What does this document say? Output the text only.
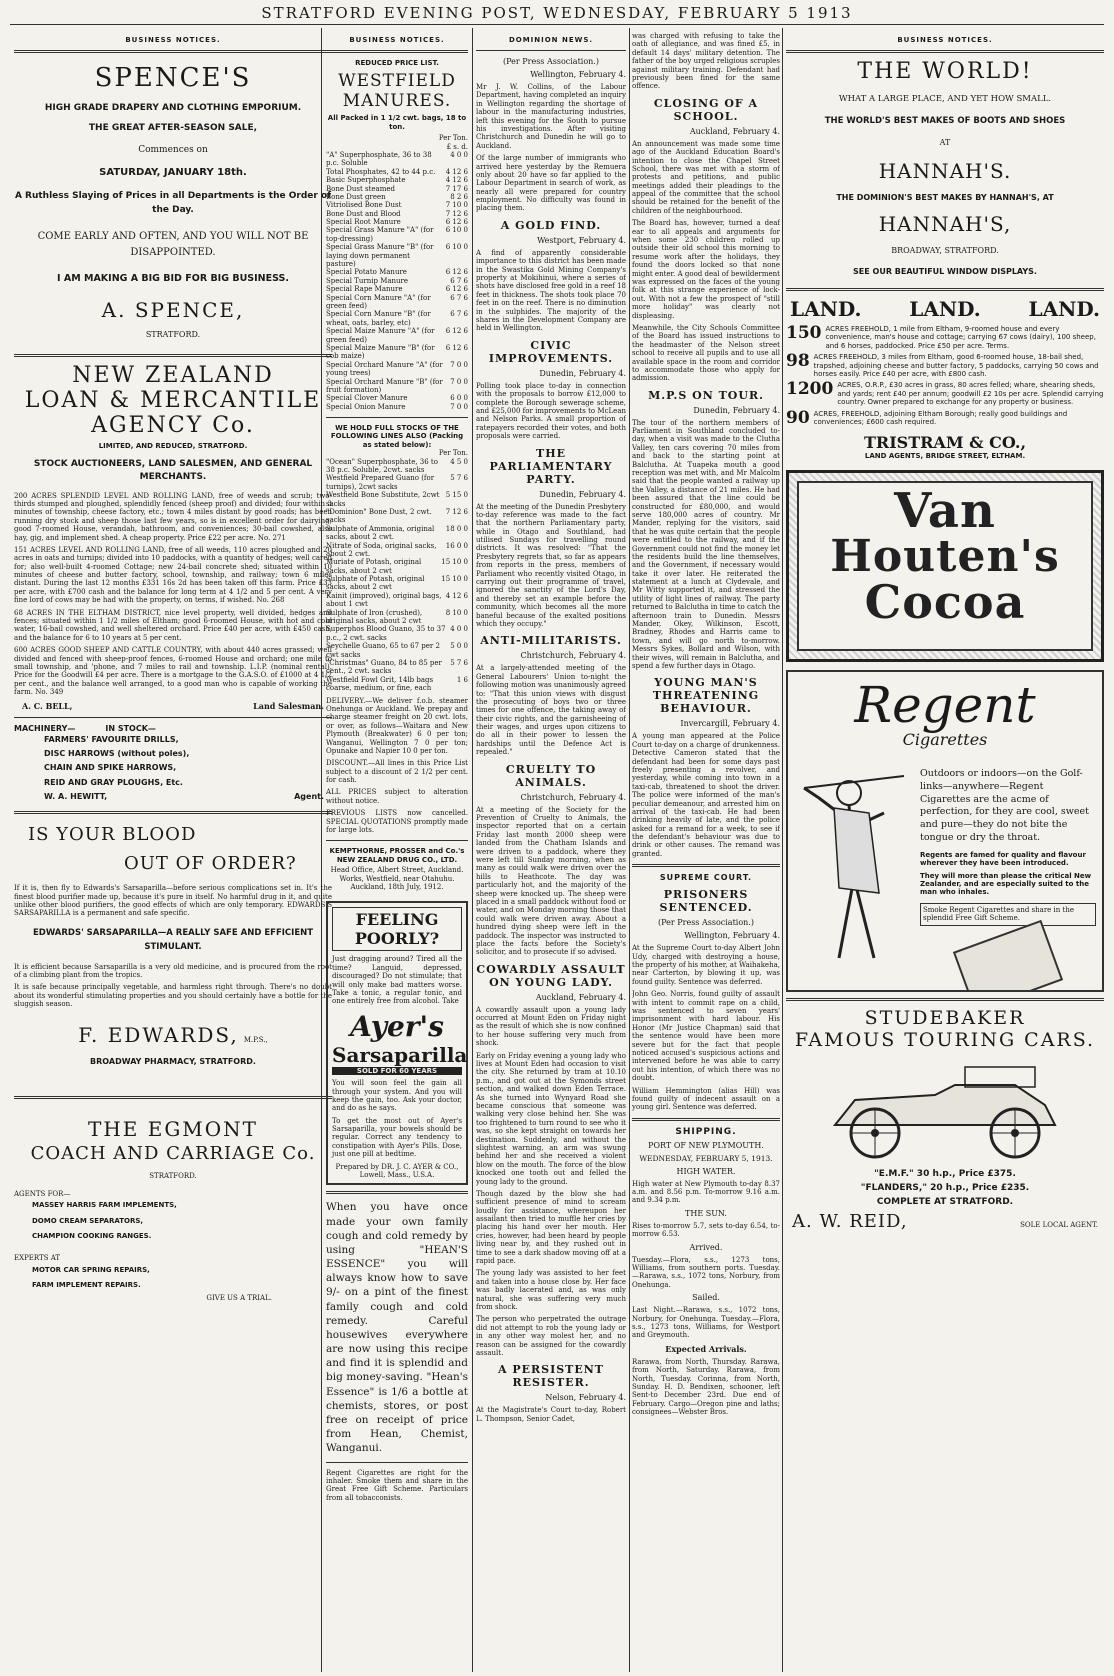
STRATFORD EVENING POST, WEDNESDAY, FEBRUARY 5 1913
BUSINESS NOTICES.
SPENCE'S
HIGH GRADE DRAPERY AND CLOTHING EMPORIUM.
THE GREAT AFTER-SEASON SALE,
Commences on
SATURDAY, JANUARY 18th.
A Ruthless Slaying of Prices in all Departments is the Order of the Day.
COME EARLY AND OFTEN, AND YOU WILL NOT BE DISAPPOINTED.
I AM MAKING A BIG BID FOR BIG BUSINESS.
A. SPENCE,
STRATFORD.
NEW ZEALAND
LOAN & MERCANTILE
AGENCY Co.
LIMITED, AND REDUCED, STRATFORD.
STOCK AUCTIONEERS, LAND SALESMEN, AND GENERAL MERCHANTS.
200 ACRES SPLENDID LEVEL AND ROLLING LAND, free of weeds and scrub; two-thirds stumped and ploughed, splendidly fenced (sheep proof) and divided; four within 3 minutes of township, cheese factory, etc.; town 4 miles distant by good roads; has been running dry stock and sheep those last few years, so is in excellent order for dairying; good 7-roomed House, verandah, bathroom, and conveniences; 30-bail cowshed, also hay, gig, and implement shed. A cheap property. Price £22 per acre. No. 271
151 ACRES LEVEL AND ROLLING LAND, free of all weeds, 110 acres ploughed and 20 acres in oats and turnips; divided into 10 paddocks, with a quantity of hedges; well cared for; also well-built 4-roomed Cottage; new 24-bail concrete shed; situated within 10 minutes of cheese and butter factory, school, township, and railway; town 6 miles distant. During the last 12 months £331 16s 2d has been taken off this farm. Price £33 per acre, with £700 cash and the balance for long term at 4 1/2 and 5 per cent. A very fine lord of cows may be had with the property, on terms, if wished. No. 268
68 ACRES IN THE ELTHAM DISTRICT, nice level property, well divided, hedges and fences; situated within 1 1/2 miles of Eltham; good 6-roomed House, with hot and cold water, 16-bail cowshed, and well sheltered orchard. Price £40 per acre, with £450 cash, and the balance for 6 to 10 years at 5 per cent.
600 ACRES GOOD SHEEP AND CATTLE COUNTRY, with about 440 acres grassed; well divided and fenced with sheep-proof fences, 6-roomed House and orchard; one mile to small township, and 'phone, and 7 miles to rail and township. L.I.P. (nominal rental). Price for the Goodwill £4 per acre. There is a mortgage to the G.A.S.O. of £1000 at 4 1/2 per cent., and the balance well arranged, to a good man who is capable of working the farm. No. 349
A. C. BELL,	Land Salesman.
MACHINERY—	IN STOCK—
FARMERS' FAVOURITE DRILLS,
DISC HARROWS (without poles),
CHAIN AND SPIKE HARROWS,
REID AND GRAY PLOUGHS, Etc.
W. A. HEWITT,	Agent.
IS YOUR BLOOD
OUT OF ORDER?
If it is, then fly to Edwards's Sarsaparilla—before serious complications set in. It's the finest blood purifier made up, because it's pure in itself. No harmful drug in it, and quite unlike other blood purifiers, the good effects of which are only temporary. EDWARDS'S SARSAPARILLA is a permanent and safe specific.
EDWARDS' SARSAPARILLA—A REALLY SAFE AND EFFICIENT STIMULANT.
It is efficient because Sarsaparilla is a very old medicine, and is procured from the root of a climbing plant from the tropics.
It is safe because principally vegetable, and harmless right through. There's no doubt about its wonderful stimulating properties and you should certainly have a bottle for the sluggish season.
F. EDWARDS, M.P.S.,
BROADWAY PHARMACY, STRATFORD.
THE EGMONT
COACH AND CARRIAGE Co.
STRATFORD.
AGENTS FOR—
MASSEY HARRIS FARM IMPLEMENTS,
DOMO CREAM SEPARATORS,
CHAMPION COOKING RANGES.
EXPERTS AT
MOTOR CAR SPRING REPAIRS,
FARM IMPLEMENT REPAIRS.
GIVE US A TRIAL.
BUSINESS NOTICES.
REDUCED PRICE LIST.
WESTFIELD
MANURES.
All Packed in 1 1/2 cwt. bags, 18 to ton.
Per Ton.
£ s. d.
"A" Superphosphate, 36 to 38 p.c. Soluble
4 0 0
Total Phosphates, 42 to 44 p.c.	4 12 6
Basic Superphosphate	4 12 6
Bone Dust steamed	7 17 6
Bone Dust green	8 2 6
Vitriolised Bone Dust	7 10 0
Bone Dust and Blood	7 12 6
Special Root Manure	6 12 6
Special Grass Manure "A" (for top-dressing)
6 10 0
Special Grass Manure "B" (for laying down permanent pasture)
6 10 0
Special Potato Manure	6 12 6
Special Turnip Manure	6 7 6
Special Rape Manure	6 12 6
Special Corn Manure "A" (for green feed)
6 7 6
Special Corn Manure "B" (for wheat, oats, barley, etc)
6 7 6
Special Maize Manure "A" (for green feed)
6 12 6
Special Maize Manure "B" (for cob maize)
6 12 6
Special Orchard Manure "A" (for young trees)
7 0 0
Special Orchard Manure "B" (for fruit formation)
7 0 0
Special Clover Manure	6 0 0
Special Onion Manure	7 0 0
WE HOLD FULL STOCKS OF THE FOLLOWING LINES ALSO (Packing as stated below):
Per Ton.
"Ocean" Superphosphate, 36 to 38 p.c. Soluble, 2cwt. sacks
4 5 0
Westfield Prepared Guano (for turnips), 2cwt sacks
5 7 6
Westfield Bone Substitute, 2cwt sacks
5 15 0
"Dominion" Bone Dust, 2 cwt. sacks
7 12 6
Sulphate of Ammonia, original sacks, about 2 cwt.
18 0 0
Nitrate of Soda, original sacks, about 2 cwt.
16 0 0
Muriate of Potash, original sacks, about 2 cwt
15 10 0
Sulphate of Potash, original sacks, about 2 cwt
15 10 0
Kainit (improved), original bags, about 1 cwt
4 12 6
Sulphate of Iron (crushed), original sacks, about 2 cwt
8 10 0
Superphos Blood Guano, 35 to 37 p.c., 2 cwt. sacks
4 0 0
Seychelle Guano, 65 to 67 per 2 cwt sacks
5 0 0
"Christmas" Guano, 84 to 85 per cent., 2 cwt. sacks
5 7 6
Westfield Fowl Grit, 14lb bags coarse, medium, or fine, each
1 6
DELIVERY.—We deliver f.o.b. steamer Onehunga or Auckland. We prepay and charge steamer freight on 20 cwt. lots, or over, as follows—Waitara and New Plymouth (Breakwater) 6 0 per ton; Wanganui, Wellington 7 0 per ton; Opunake and Napier 10 0 per ton.
DISCOUNT.—All lines in this Price List subject to a discount of 2 1/2 per cent. for cash.
ALL PRICES subject to alteration without notice.
PREVIOUS LISTS now cancelled. SPECIAL QUOTATIONS promptly made for large lots.
KEMPTHORNE, PROSSER and Co.'s NEW ZEALAND DRUG CO., LTD.
Head Office, Albert Street, Auckland. Works, Westfield, near Otahuhu. Auckland, 18th July, 1912.
FEELING POORLY?
Just dragging around? Tired all the time? Languid, depressed, discouraged? Do not stimulate; that will only make bad matters worse. Take a tonic, a regular tonic, and one entirely free from alcohol. Take
Ayer's
Sarsaparilla
SOLD FOR 60 YEARS
You will soon feel the gain all through your system. And you will keep the gain, too. Ask your doctor, and do as he says.
To get the most out of Ayer's Sarsaparilla, your bowels should be regular. Correct any tendency to constipation with Ayer's Pills. Dose, just one pill at bedtime.
Prepared by DR. J. C. AYER & CO., Lowell, Mass., U.S.A.
When you have once made your own family cough and cold remedy by using "HEAN'S ESSENCE" you will always know how to save 9/- on a pint of the finest family cough and cold remedy. Careful housewives everywhere are now using this recipe and find it is splendid and big money-saving. "Hean's Essence" is 1/6 a bottle at chemists, stores, or post free on receipt of price from Hean, Chemist, Wanganui.
Regent Cigarettes are right for the inhaler. Smoke them and share in the Great Free Gift Scheme. Particulars from all tobacconists.
DOMINION NEWS.
(Per Press Association.)
Wellington, February 4.
Mr J. W. Collins, of the Labour Department, having completed an inquiry in Wellington regarding the shortage of labour in the manufacturing industries, left this evening for the South to pursue his investigations. After visiting Christchurch and Dunedin he will go to Auckland.
Of the large number of immigrants who arrived here yesterday by the Remuera only about 20 have so far applied to the Labour Department in search of work, as nearly all were prepared for country employment. No difficulty was found in placing them.
A GOLD FIND.
Westport, February 4.
A find of apparently considerable importance to this district has been made in the Swastika Gold Mining Company's property at Mokihinui, where a series of shots have disclosed free gold in a reef 18 feet in thickness. The shots took place 70 feet in on the reef. There is no diminution in the sulphides. The majority of the shares in the Development Company are held in Wellington.
CIVIC IMPROVEMENTS.
Dunedin, February 4.
Polling took place to-day in connection with the proposals to borrow £12,000 to complete the Borough sewerage scheme, and £25,000 for improvements to McLean and Nelson Parks. A small proportion of ratepayers recorded their votes, and both proposals were carried.
THE PARLIAMENTARY PARTY.
Dunedin, February 4.
At the meeting of the Dunedin Presbytery to-day reference was made to the fact that the northern Parliamentary party, while in Otago and Southland, had utilised Sundays for travelling round districts. It was resolved: "That the Presbytery regrets that, so far as appears from reports in the press, members of Parliament who recently visited Otago, in carrying out their programme of travel, ignored the sanctity of the Lord's Day, and thereby set an example before the community, which becomes all the more baneful because of the exalted positions which they occupy."
ANTI-MILITARISTS.
Christchurch, February 4.
At a largely-attended meeting of the General Labourers' Union to-night the following motion was unanimously agreed to: "That this union views with disgust the prosecuting of boys two or three times for one offence, the taking away of their civic rights, and the garnisheeing of their wages, and urges upon citizens to do all in their power to lessen the hardships until the Defence Act is repealed."
CRUELTY TO ANIMALS.
Christchurch, February 4.
At a meeting of the Society for the Prevention of Cruelty to Animals, the inspector reported that on a certain Friday last month 2000 sheep were landed from the Chatham Islands and were driven to a paddock, where they were left till Sunday morning, when as many as could walk were driven over the hills to Heathcote. The day was particularly hot, and the majority of the sheep were knocked up. The sheep were placed in a small paddock without food or water, and on Monday morning those that could walk were driven away. About a hundred dying sheep were left in the paddock. The inspector was instructed to place the facts before the Society's solicitor, and to prosecute if so advised.
COWARDLY ASSAULT ON YOUNG LADY.
Auckland, February 4.
A cowardly assault upon a young lady occurred at Mount Eden on Friday night as the result of which she is now confined to her house suffering very much from shock.
Early on Friday evening a young lady who lives at Mount Eden had occasion to visit the city. She returned by tram at 10.10 p.m., and got out at the Symonds street section, and walked down Eden Terrace. As she turned into Wynyard Road she became conscious that someone was walking very close behind her. She was too frightened to turn round to see who it was, so she kept straight on towards her destination. Suddenly, and without the slightest warning, an arm was swung behind her and she received a violent blow on the mouth. The force of the blow knocked one tooth out and felled the young lady to the ground.
Though dazed by the blow she had sufficient presence of mind to scream loudly for assistance, whereupon her assailant then tried to muffle her cries by placing his hand over her mouth. Her cries, however, had been heard by people living near by, and they rushed out in time to see a dark shadow moving off at a rapid pace.
The young lady was assisted to her feet and taken into a house close by. Her face was badly lacerated and, as was only natural, she was suffering very much from shock.
The person who perpetrated the outrage did not attempt to rob the young lady or in any other way molest her, and no reason can be assigned for the cowardly assault.
A PERSISTENT RESISTER.
Nelson, February 4.
At the Magistrate's Court to-day, Robert L. Thompson, Senior Cadet,
was charged with refusing to take the oath of allegiance, and was fined £5, in default 14 days' military detention. The father of the boy urged religious scruples against military training. Defendant had previously been fined for the same offence.
CLOSING OF A SCHOOL.
Auckland, February 4.
An announcement was made some time ago of the Auckland Education Board's intention to close the Chapel Street School, there was met with a storm of protests and petitions, and public meetings added their pleadings to the appeal of the committee that the school should be retained for the benefit of the children of the neighbourhood.
The Board has, however, turned a deaf ear to all appeals and arguments for when some 230 children rolled up outside their old school this morning to resume work after the holidays, they found the doors locked so that none might enter. A good deal of bewilderment was expressed on the faces of the young folk at this strange experience of lock-out. With not a few the prospect of "still more holiday" was clearly not displeasing.
Meanwhile, the City Schools Committee of the Board has issued instructions to the headmaster of the Nelson street school to receive all pupils and to use all available space in the room and corridor to accommodate those who apply for admission.
M.P.S ON TOUR.
Dunedin, February 4.
The tour of the northern members of Parliament in Southland concluded to-day, when a visit was made to the Clutha Valley, ten cars covering 70 miles from and back to the starting point at Balclutha. At Tuapeka mouth a good reception was met with, and Mr Malcolm said that the people wanted a railway up the Valley, a distance of 21 miles. He had been assured that the line could be constructed for £80,000, and would serve 180,000 acres of country. Mr Mander, replying for the visitors, said that he was quite certain that the people were entitled to the railway, and if the Government could not find the money let the residents build the line themselves, and the Government, if necessary would take it over later. He reiterated the statement at a lunch at Clydevale, and Mr Witty supported it, and stressed the utility of light lines of railway. The party returned to Balclutha in time to catch the afternoon train to Dunedin. Messrs Mander, Okey, Wilkinson, Escott, Bradney, Rhodes and Harris came to town, and will go north to-morrow. Messrs Sykes, Bollard and Wilson, with their wives, will remain in Balclutha, and spend a few further days in Otago.
YOUNG MAN'S THREATENING BEHAVIOUR.
Invercargill, February 4.
A young man appeared at the Police Court to-day on a charge of drunkenness. Detective Cameron stated that the defendant had been for some days past freely presenting a revolver, and yesterday, while coming into town in a taxi-cab, threatened to shoot the driver. The police were informed of the man's peculiar demeanour, and arrested him on arrival of the taxi-cab. He had been drinking heavily of late, and the police asked for a remand for a week, to see if the defendant's behaviour was due to drink or other causes. The remand was granted.
SUPREME COURT.
PRISONERS SENTENCED.
(Per Press Association.)
Wellington, February 4.
At the Supreme Court to-day Albert John Udy, charged with destroying a house, the property of his mother, at Waihakeha, near Carterton, by blowing it up, was found guilty. Sentence was deferred.
John Geo. Norris, found guilty of assault with intent to commit rape on a child, was sentenced to seven years' imprisonment with hard labour. His Honor (Mr Justice Chapman) said that the sentence would have been more severe but for the fact that people noticed accused's suspicious actions and intervened before he was able to carry out his intention, of which there was no doubt.
William Hemmington (alias Hill) was found guilty of indecent assault on a young girl. Sentence was deferred.
SHIPPING.
PORT OF NEW PLYMOUTH.
WEDNESDAY, FEBRUARY 5, 1913.
HIGH WATER.
High water at New Plymouth to-day 8.37 a.m. and 8.56 p.m. To-morrow 9.16 a.m. and 9.34 p.m.
THE SUN.
Rises to-morrow 5.7, sets to-day 6.54, to-morrow 6.53.
Arrived.
Tuesday.—Flora, s.s., 1273 tons, Williams, from southern ports. Tuesday.—Rarawa, s.s., 1072 tons, Norbury, from Onehunga.
Sailed.
Last Night.—Rarawa, s.s., 1072 tons, Norbury, for Onehunga. Tuesday.—Flora, s.s., 1273 tons, Williams, for Westport and Greymouth.
Expected Arrivals.
Rarawa, from North, Thursday. Rarawa, from North, Saturday. Rarawa, from North, Tuesday. Corinna, from North, Sunday. H. D. Bendixen, schooner, left Sent-to December 23rd. Due end of February. Cargo—Oregon pine and laths; consignees—Webster Bros.
BUSINESS NOTICES.
THE WORLD!
WHAT A LARGE PLACE, AND YET HOW SMALL.
THE WORLD'S BEST MAKES OF BOOTS AND SHOES
AT
HANNAH'S.
THE DOMINION'S BEST MAKES BY HANNAH'S, AT
HANNAH'S,
BROADWAY, STRATFORD.
SEE OUR BEAUTIFUL WINDOW DISPLAYS.
LAND. LAND. LAND.
150 ACRES FREEHOLD, 1 mile from Eltham, 9-roomed house and every convenience, man's house and cottage; carrying 67 cows (dairy), 100 sheep, and 6 horses, paddocked. Price £50 per acre. Terms.
98 ACRES FREEHOLD, 3 miles from Eltham, good 6-roomed house, 18-bail shed, trapshed, adjoining cheese and butter factory, 5 paddocks, carrying 50 cows and horses easily. Price £40 per acre, with £800 cash.
1200 ACRES, O.R.P., £30 acres in grass, 80 acres felled; whare, shearing sheds, and yards; rent £40 per annum; goodwill £2 10s per acre. Splendid carrying country. Owner prepared to exchange for any property or business.
90 ACRES, FREEHOLD, adjoining Eltham Borough; really good buildings and conveniences; £600 cash required.
TRISTRAM & CO.,
LAND AGENTS, BRIDGE STREET, ELTHAM.
Van
Houten's
Cocoa
Regent
Cigarettes
Outdoors or indoors—on the Golf-links—anywhere—Regent Cigarettes are the acme of perfection, for they are cool, sweet and pure—they do not bite the tongue or dry the throat.
Regents are famed for quality and flavour wherever they have been introduced.
They will more than please the critical New Zealander, and are especially suited to the man who inhales.
Smoke Regent Cigarettes and share in the splendid Free Gift Scheme.
STUDEBAKER
FAMOUS TOURING CARS.
"E.M.F." 30 h.p., Price £375.
"FLANDERS," 20 h.p., Price £235.
COMPLETE AT STRATFORD.
A. W. REID,	SOLE LOCAL AGENT.
